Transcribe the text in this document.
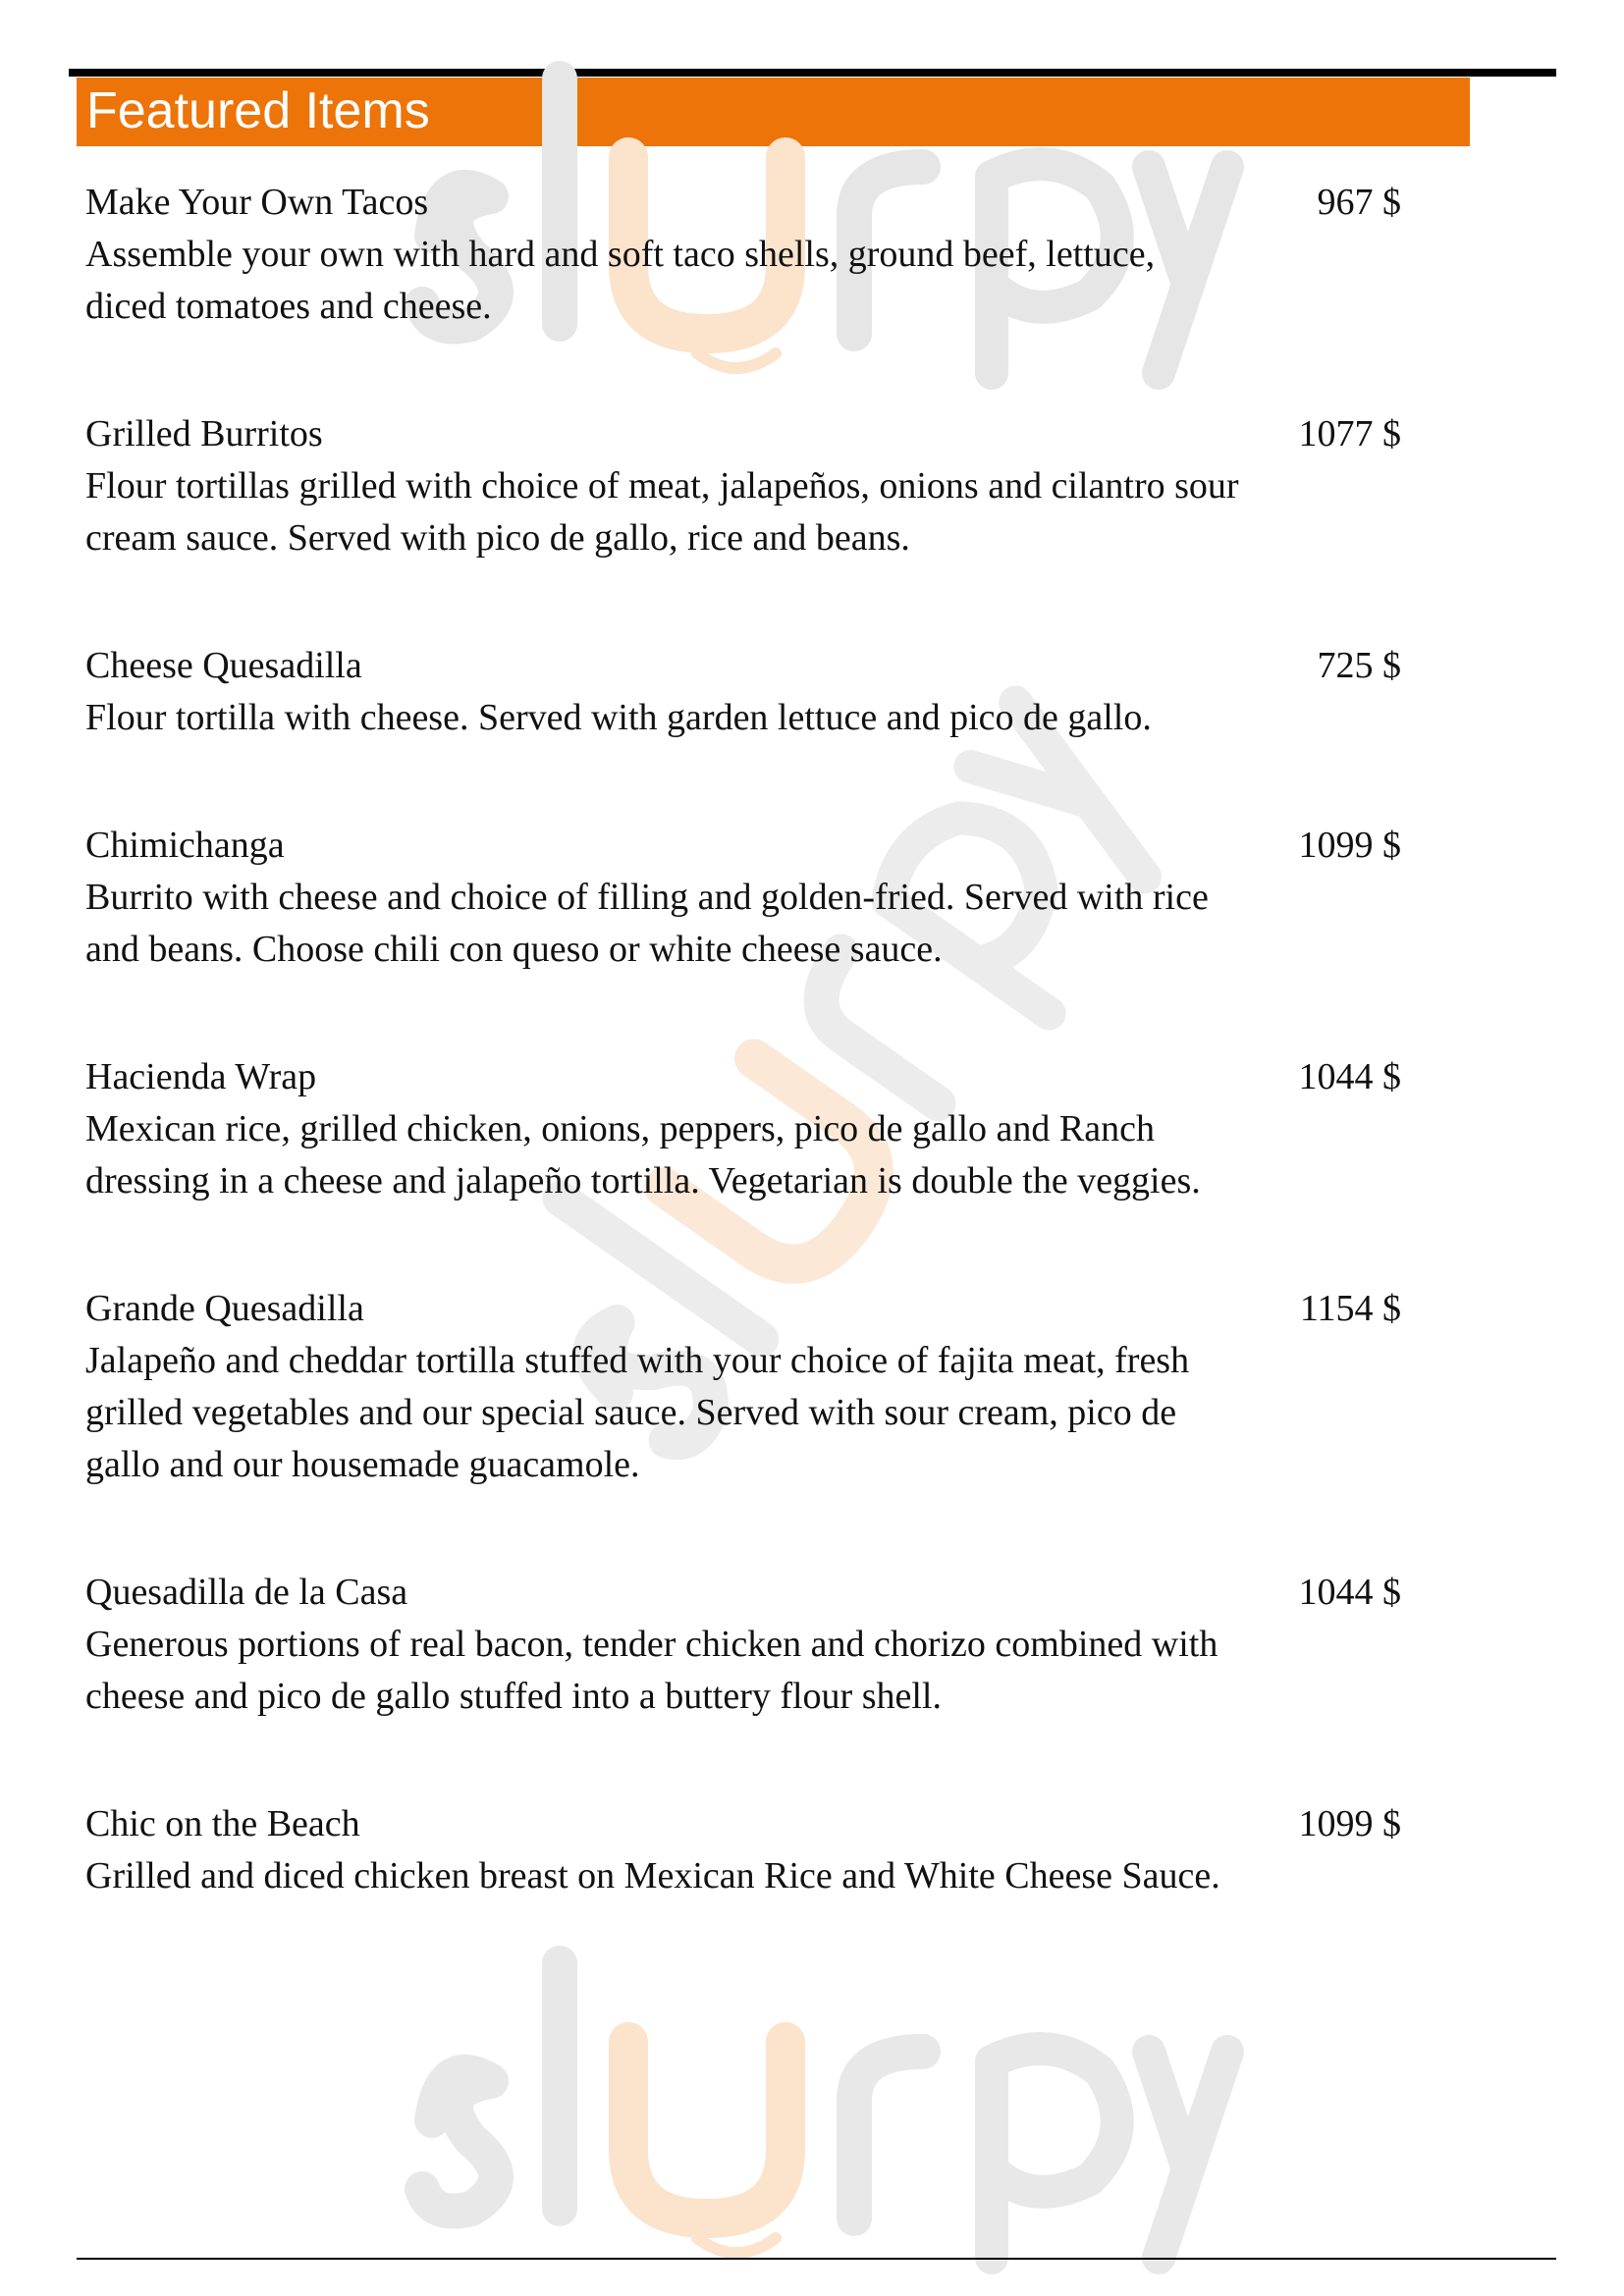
Featured Items
Make Your Own Tacos	967 $
Assemble your own with hard and soft taco shells, ground beef, lettuce, diced tomatoes and cheese.
Grilled Burritos	1077 $
Flour tortillas grilled with choice of meat, jalapeños, onions and cilantro sour cream sauce. Served with pico de gallo, rice and beans.
Cheese Quesadilla	725 $
Flour tortilla with cheese. Served with garden lettuce and pico de gallo.
Chimichanga	1099 $
Burrito with cheese and choice of filling and golden-fried. Served with rice and beans. Choose chili con queso or white cheese sauce.
Hacienda Wrap	1044 $
Mexican rice, grilled chicken, onions, peppers, pico de gallo and Ranch dressing in a cheese and jalapeño tortilla. Vegetarian is double the veggies.
Grande Quesadilla	1154 $
Jalapeño and cheddar tortilla stuffed with your choice of fajita meat, fresh grilled vegetables and our special sauce. Served with sour cream, pico de gallo and our housemade guacamole.
Quesadilla de la Casa	1044 $
Generous portions of real bacon, tender chicken and chorizo combined with cheese and pico de gallo stuffed into a buttery flour shell.
Chic on the Beach	1099 $
Grilled and diced chicken breast on Mexican Rice and White Cheese Sauce.
